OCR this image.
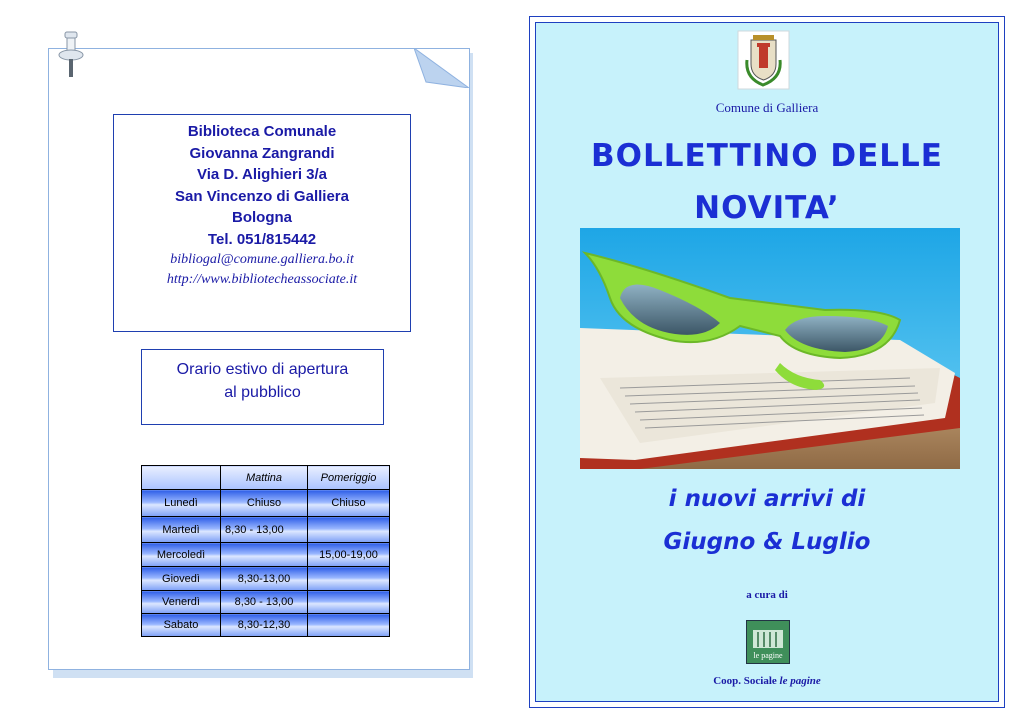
Biblioteca Comunale
Giovanna Zangrandi
Via D. Alighieri 3/a
San Vincenzo di Galliera
Bologna
Tel. 051/815442
bibliogal@comune.galliera.bo.it
http://www.bibliotecheassociate.it
Orario estivo di apertura
al pubblico
	Mattina	Pomeriggio
Lunedì	Chiuso	Chiuso
Martedì	8,30 - 13,00	
Mercoledì		15,00-19,00
Giovedì	8,30-13,00	
Venerdì	8,30 - 13,00	
Sabato	8,30-12,30	
Comune di Galliera
BOLLETTINO DELLE
NOVITA’
i nuovi arrivi di
Giugno & Luglio
a cura di
le pagine
Coop. Sociale le pagine
